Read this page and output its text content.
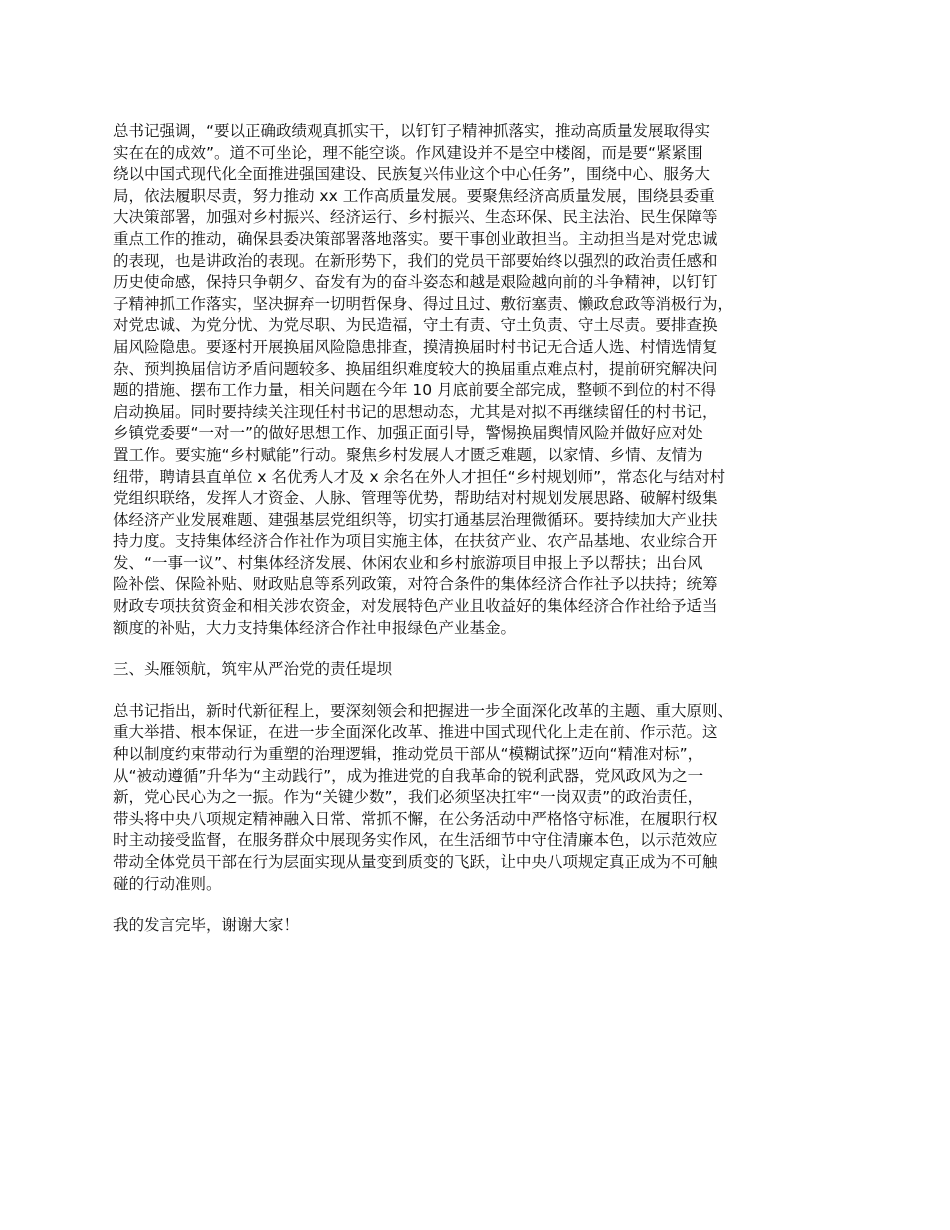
总书记强调，“要以正确政绩观真抓实干，以钉钉子精神抓落实，推动高质量发展取得实
实在在的成效”。道不可坐论，理不能空谈。作风建设并不是空中楼阁，而是要“紧紧围
绕以中国式现代化全面推进强国建设、民族复兴伟业这个中心任务”，围绕中心、服务大
局，依法履职尽责，努力推动 xx 工作高质量发展。要聚焦经济高质量发展，围绕县委重
大决策部署，加强对乡村振兴、经济运行、乡村振兴、生态环保、民主法治、民生保障等
重点工作的推动，确保县委决策部署落地落实。要干事创业敢担当。主动担当是对党忠诚
的表现，也是讲政治的表现。在新形势下，我们的党员干部要始终以强烈的政治责任感和
历史使命感，保持只争朝夕、奋发有为的奋斗姿态和越是艰险越向前的斗争精神，以钉钉
子精神抓工作落实，坚决摒弃一切明哲保身、得过且过、敷衍塞责、懒政怠政等消极行为，
对党忠诚、为党分忧、为党尽职、为民造福，守土有责、守土负责、守土尽责。要排查换
届风险隐患。要逐村开展换届风险隐患排查，摸清换届时村书记无合适人选、村情选情复
杂、预判换届信访矛盾问题较多、换届组织难度较大的换届重点难点村，提前研究解决问
题的措施、摆布工作力量，相关问题在今年 10 月底前要全部完成，整顿不到位的村不得
启动换届。同时要持续关注现任村书记的思想动态，尤其是对拟不再继续留任的村书记，
乡镇党委要“一对一”的做好思想工作、加强正面引导，警惕换届舆情风险并做好应对处
置工作。要实施“乡村赋能”行动。聚焦乡村发展人才匮乏难题，以家情、乡情、友情为
纽带，聘请县直单位 x 名优秀人才及 x 余名在外人才担任“乡村规划师”，常态化与结对村
党组织联络，发挥人才资金、人脉、管理等优势，帮助结对村规划发展思路、破解村级集
体经济产业发展难题、建强基层党组织等，切实打通基层治理微循环。要持续加大产业扶
持力度。支持集体经济合作社作为项目实施主体，在扶贫产业、农产品基地、农业综合开
发、“一事一议”、村集体经济发展、休闲农业和乡村旅游项目申报上予以帮扶；出台风
险补偿、保险补贴、财政贴息等系列政策，对符合条件的集体经济合作社予以扶持；统筹
财政专项扶贫资金和相关涉农资金，对发展特色产业且收益好的集体经济合作社给予适当
额度的补贴，大力支持集体经济合作社申报绿色产业基金。
三、头雁领航，筑牢从严治党的责任堤坝
总书记指出，新时代新征程上，要深刻领会和把握进一步全面深化改革的主题、重大原则、
重大举措、根本保证，在进一步全面深化改革、推进中国式现代化上走在前、作示范。这
种以制度约束带动行为重塑的治理逻辑，推动党员干部从“模糊试探”迈向“精准对标”，
从“被动遵循”升华为“主动践行”，成为推进党的自我革命的锐利武器，党风政风为之一
新，党心民心为之一振。作为“关键少数”，我们必须坚决扛牢“一岗双责”的政治责任，
带头将中央八项规定精神融入日常、常抓不懈，在公务活动中严格恪守标准，在履职行权
时主动接受监督，在服务群众中展现务实作风，在生活细节中守住清廉本色，以示范效应
带动全体党员干部在行为层面实现从量变到质变的飞跃，让中央八项规定真正成为不可触
碰的行动准则。
我的发言完毕，谢谢大家！
